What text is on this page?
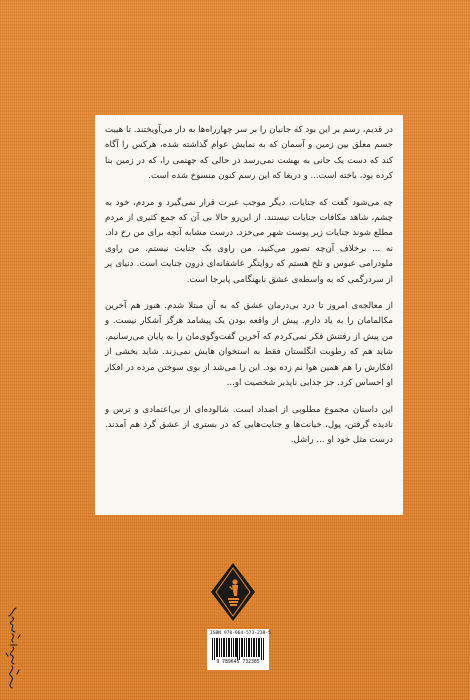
در قدیم، رسم بر این بود که جانیان را بر سر چهارراه‌ها به دار می‌آویختند. تا هیبت جسم معلق بین زمین و آسمان که به نمایش عوام گذاشته شده، هرکس را آگاه کند که دست یک جانی به بهشت نمی‌رسد در حالی که جهنمی را، که در زمین بنا کرده بود، باخته است... و دریغا که این رسم کنون منسوخ شده است.

چه می‌شود گفت که جنایات، دیگر موجب عبرت قرار نمی‌گیرد و مردم، خود به چشم، شاهد مکافات جنایات نیستند. از این‌رو حالا بی آن که جمع کثیری از مردم مطلع شوند جنایات زیر پوست شهر می‌خزد. درست مشابه آنچه برای من رخ داد. نه ... برخلاف آن‌چه تصور می‌کنید، من راوی یک جنایت نیستم. من راوی ملودرامی عبوس و تلخ هستم که روایتگر عاشقانه‌ای درون جنایت است. دنیای پر از سردرگمی که به واسطه‌ی عشق نابهنگامی پابرجا است.

از معالجه‌ی امروز تا درد بی‌درمان عشق که به آن مبتلا شدم. هنوز هم آخرین مکالمامان را به یاد دارم. پیش از واقعه بودن یک پیشامد هرگز آشکار نیست. و من پیش از رفتنش فکر نمی‌کردم که آخرین گفت‌وگوی‌مان را به پایان می‌رسانیم. شاید هم که رطوبت انگلستان فقط به استخوان هایش نمی‌زند. شاید بخشی از افکارش را هم همین هوا نم زده بود. این را می‌شد از بوی سوختن مرده در افکار او احساس کرد. جز جدایی ناپذیر شخصیت او...

این داستان مجموع مطلوبی از اضداد است. شالوده‌ای از بی‌اعتمادی و ترس و نادیده گرفتن، پول، خیانت‌ها و جنایت‌هایی که در بستری از عشق گرد هم آمدند. درست مثل خود او ... راشل.

ISBN 978-964-573-238-5
9 789645 732385
